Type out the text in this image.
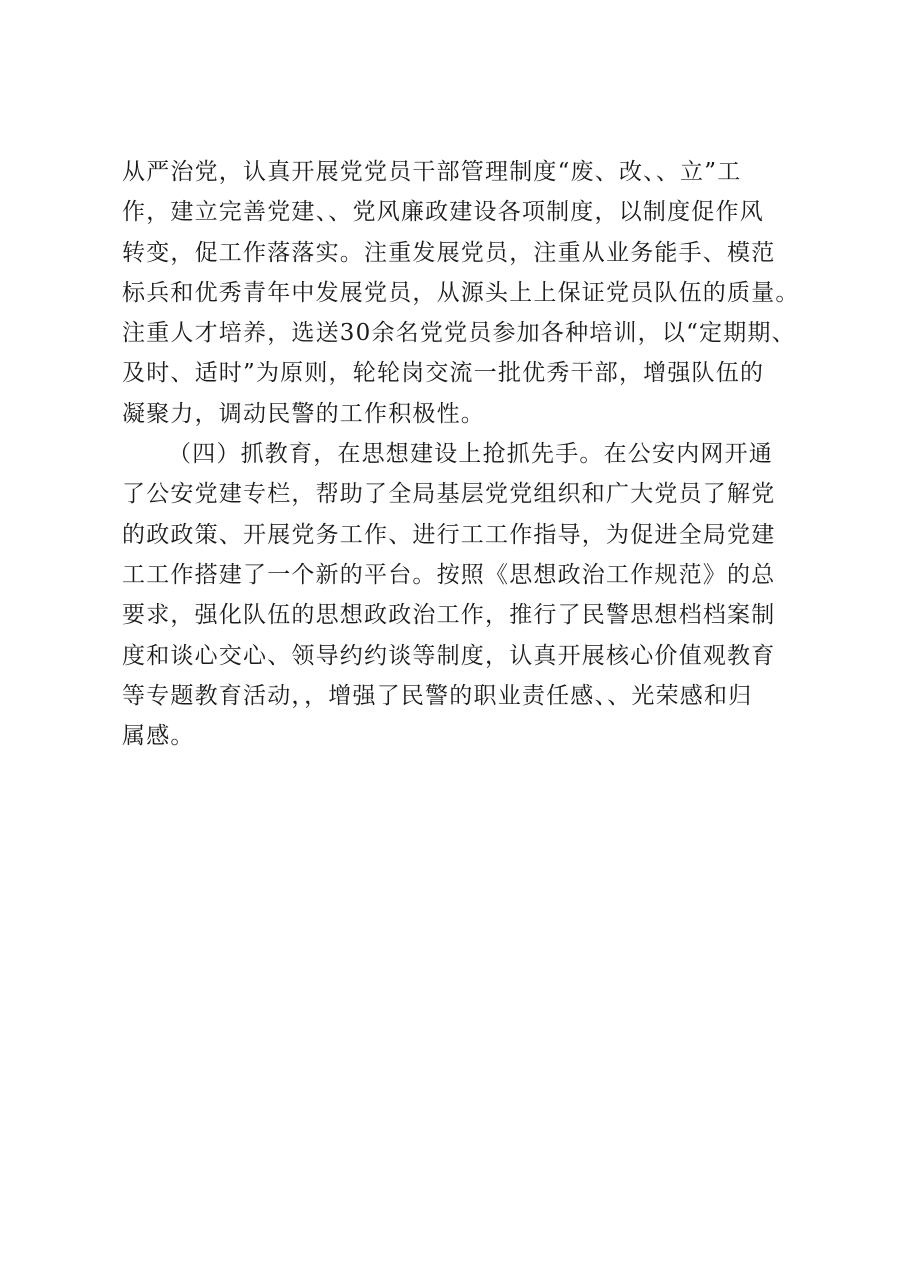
从严治党，认真开展党党员干部管理制度“废、改、、立”工
作，建立完善党建、、党风廉政建设各项制度，以制度促作风
转变，促工作落落实。注重发展党员，注重从业务能手、模范
标兵和优秀青年中发展党员，从源头上上保证党员队伍的质量。
注重人才培养，选送30余名党党员参加各种培训，以“定期期、
及时、适时”为原则，轮轮岗交流一批优秀干部，增强队伍的
凝聚力，调动民警的工作积极性。
（四）抓教育，在思想建设上抢抓先手。在公安内网开通
了公安党建专栏，帮助了全局基层党党组织和广大党员了解党
的政政策、开展党务工作、进行工工作指导，为促进全局党建
工工作搭建了一个新的平台。按照《思想政治工作规范》的总
要求，强化队伍的思想政政治工作，推行了民警思想档档案制
度和谈心交心、领导约约谈等制度，认真开展核心价值观教育
等专题教育活动，，增强了民警的职业责任感、、光荣感和归
属感。
